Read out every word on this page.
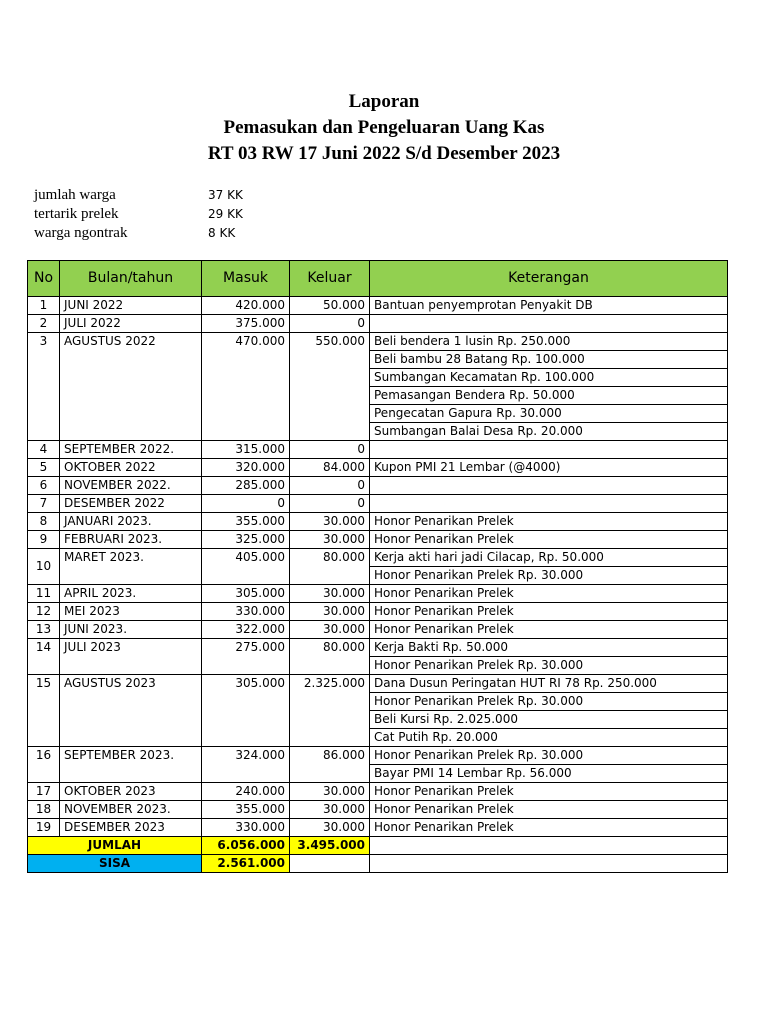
Laporan
Pemasukan dan Pengeluaran Uang Kas
RT 03 RW 17 Juni 2022 S/d Desember 2023
jumlah warga	37 KK
tertarik prelek	29 KK
warga ngontrak	8 KK
No	Bulan/tahun	Masuk	Keluar	Keterangan
1	JUNI 2022	420.000	50.000	Bantuan penyemprotan Penyakit DB
2	JULI 2022	375.000	0	
3	AGUSTUS 2022	470.000	550.000	Beli bendera 1 lusin Rp. 250.000
				Beli bambu 28 Batang Rp. 100.000
				Sumbangan Kecamatan Rp. 100.000
				Pemasangan Bendera Rp. 50.000
				Pengecatan Gapura Rp. 30.000
				Sumbangan Balai Desa Rp. 20.000
4	SEPTEMBER 2022.	315.000	0	
5	OKTOBER 2022	320.000	84.000	Kupon PMI 21 Lembar (@4000)
6	NOVEMBER 2022.	285.000	0	
7	DESEMBER 2022	0	0	
8	JANUARI 2023.	355.000	30.000	Honor Penarikan Prelek
9	FEBRUARI 2023.	325.000	30.000	Honor Penarikan Prelek
10	MARET 2023.	405.000	80.000	Kerja akti hari jadi Cilacap, Rp. 50.000
				Honor Penarikan Prelek Rp. 30.000
11	APRIL 2023.	305.000	30.000	Honor Penarikan Prelek
12	MEI 2023	330.000	30.000	Honor Penarikan Prelek
13	JUNI 2023.	322.000	30.000	Honor Penarikan Prelek
14	JULI 2023	275.000	80.000	Kerja Bakti Rp. 50.000
				Honor Penarikan Prelek Rp. 30.000
15	AGUSTUS 2023	305.000	2.325.000	Dana Dusun Peringatan HUT RI 78 Rp. 250.000
				Honor Penarikan Prelek Rp. 30.000
				Beli Kursi Rp. 2.025.000
				Cat Putih Rp. 20.000
16	SEPTEMBER 2023.	324.000	86.000	Honor Penarikan Prelek Rp. 30.000
				Bayar PMI 14 Lembar Rp. 56.000
17	OKTOBER 2023	240.000	30.000	Honor Penarikan Prelek
18	NOVEMBER 2023.	355.000	30.000	Honor Penarikan Prelek
19	DESEMBER 2023	330.000	30.000	Honor Penarikan Prelek
JUMLAH		6.056.000	3.495.000	
SISA		2.561.000		
